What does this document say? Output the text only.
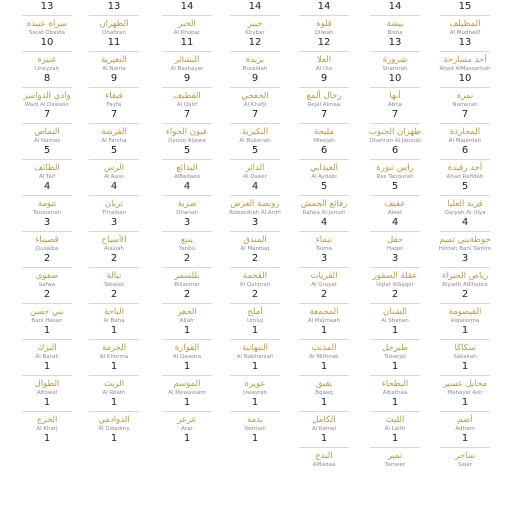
13
سراة عبيدة
Sarat Obaida
10
عنيزة
Unayzah
8
وادي الدواسر
Wadi Al Dawasir
7
النماص
Al Namas
5
الطائف
Al Taif
4
تنومة
Tanoumah
3
قصيباء
Qusaiba
2
صفوى
Safwa
2
بني حسن
Bani Hasan
1
البرك
Al Barak
1
الطوال
Altowal
1
الخرج
Al Kharj
1
13
الظهران
Dhahran
11
النعيرية
Al Nairia
9
فيفاء
Fayfa
7
الفرشة
Al Farsha
5
الرس
Al Rass
4
ثربان
Thraiban
3
الأسياح
Alasiah
2
تبالة
Tabalah
2
الباحة
Al Baha
1
الخرمة
Al Khorma
1
الريث
Al Reath
1
الدوادمي
Al Dwadmy
1
14
الخبر
Al Khobar
11
البشائر
Al Bashayer
9
القطيف
Al Qatif
7
عيون الجواء
Oyoun Aljewa
5
البدائع
AlBadaea
4
ضرية
Dhariah
3
ينبع
Yanbu
2
بللسمر
Billasmar
2
الجفر
AlJafr
1
القوارة
Al Qawara
1
الموسم
Al Mowassam
1
عرعر
Arar
1
14
خيبر
Khybar
12
بريدة
Buraidah
9
الخفجي
Al Khafji
7
البكيرية
Al Bukeriah
5
الدائر
Al Daeer
4
رويضة العرض
Rowaidhah Al Ardh
3
المندق
Al Mandaq
2
القحمة
Al Qahmah
2
أملج
Umluj
1
النبهانية
Al Nabhaniah
1
عويرة
Uwayrah
1
بدمة
Yadmah
1
14
قلوة
Qilwah
12
العلا
Al Ula
9
رجال ألمع
Rejal Almaa
7
مليجة
Mleejah
6
العيدابي
Al Aydabi
5
رفائع الجمش
Rafaia Al Jemsh
4
تيماء
Taima
3
القريات
Al Qrayat
2
المجمعة
Al Majmaah
1
المذنب
Al Mithnab
1
بقيق
Bqaeq
1
الكامل
Al Kamel
1
البدع
AlBadaa
14
بيشة
Bisha
13
شرورة
Sharorah
10
أبها
Abha
7
ظهران الجنوب
Dhahran Al Janoub
6
راس تنورة
Ras Tanourah
5
عقيف
Aleef
4
حقل
Haqel
3
عقلة الصقور
Uqlat AlSaqor
2
الشنان
Al Shanan
1
طبرجل
Tubarjal
1
البطحاء
Albathaa
1
الليث
Al Laith
1
تمير
Tameer
15
المظيلف
Al Mudhailf
13
أحد مسارحة
Ahed AlMassarhah
10
نمرة
Namerah
7
المجاردة
Al Majardah
6
أحد رفيدة
Ahad Rafidah
5
قرية العليا
Qaryah Al Ulya
4
حوطةبني تميم
Hottah Bani Tamim
3
رياض الخبراء
Riyadh AlKhabra
2
القيصومة
Alqaisoma
1
سكاكا
Sakakah
1
محايل عسير
Mahayel Asir
1
أضم
Adham
1
ساجر
Sajer
